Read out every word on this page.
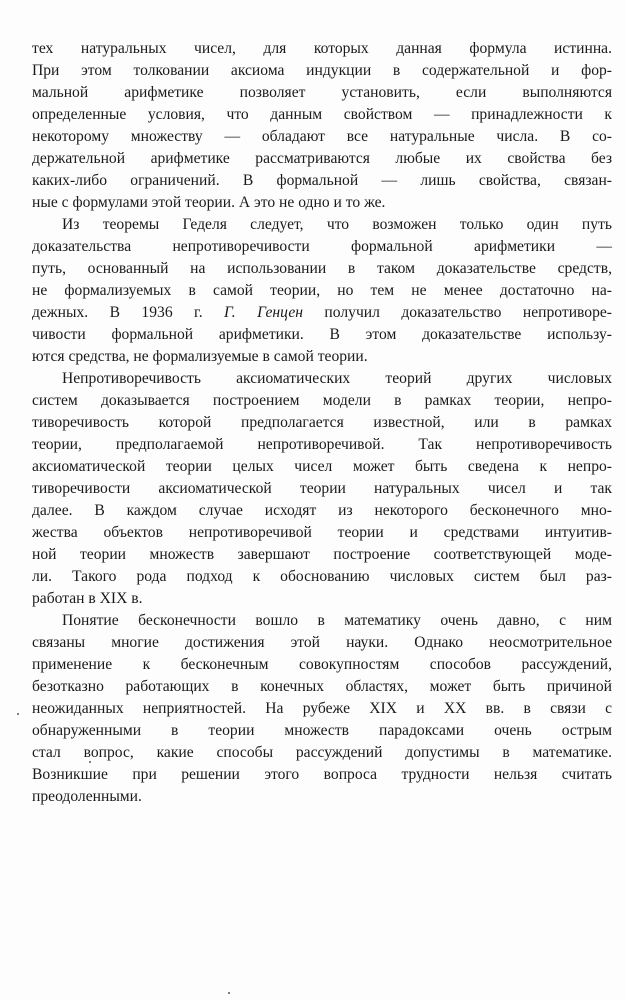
тех натуральных чисел, для которых данная формула истинна.
При этом толковании аксиома индукции в содержательной и фор-
мальной арифметике позволяет установить, если выполняются
определенные условия, что данным свойством — принадлежности к
некоторому множеству — обладают все натуральные числа. В со-
держательной арифметике рассматриваются любые их свойства без
каких-либо ограничений. В формальной — лишь свойства, связан-
ные с формулами этой теории. А это не одно и то же.
Из теоремы Геделя следует, что возможен только один путь
доказательства непротиворечивости формальной арифметики —
путь, основанный на использовании в таком доказательстве средств,
не формализуемых в самой теории, но тем не менее достаточно на-
дежных. В 1936 г. Г. Генцен получил доказательство непротиворе-
чивости формальной арифметики. В этом доказательстве использу-
ются средства, не формализуемые в самой теории.
Непротиворечивость аксиоматических теорий других числовых
систем доказывается построением модели в рамках теории, непро-
тиворечивость которой предполагается известной, или в рамках
теории, предполагаемой непротиворечивой. Так непротиворечивость
аксиоматической теории целых чисел может быть сведена к непро-
тиворечивости аксиоматической теории натуральных чисел и так
далее. В каждом случае исходят из некоторого бесконечного мно-
жества объектов непротиворечивой теории и средствами интуитив-
ной теории множеств завершают построение соответствующей моде-
ли. Такого рода подход к обоснованию числовых систем был раз-
работан в XIX в.
Понятие бесконечности вошло в математику очень давно, с ним
связаны многие достижения этой науки. Однако неосмотрительное
применение к бесконечным совокупностям способов рассуждений,
безотказно работающих в конечных областях, может быть причиной
неожиданных неприятностей. На рубеже XIX и XX вв. в связи с
обнаруженными в теории множеств парадоксами очень острым
стал вопрос, какие способы рассуждений допустимы в математике.
Возникшие при решении этого вопроса трудности нельзя считать
преодоленными.
